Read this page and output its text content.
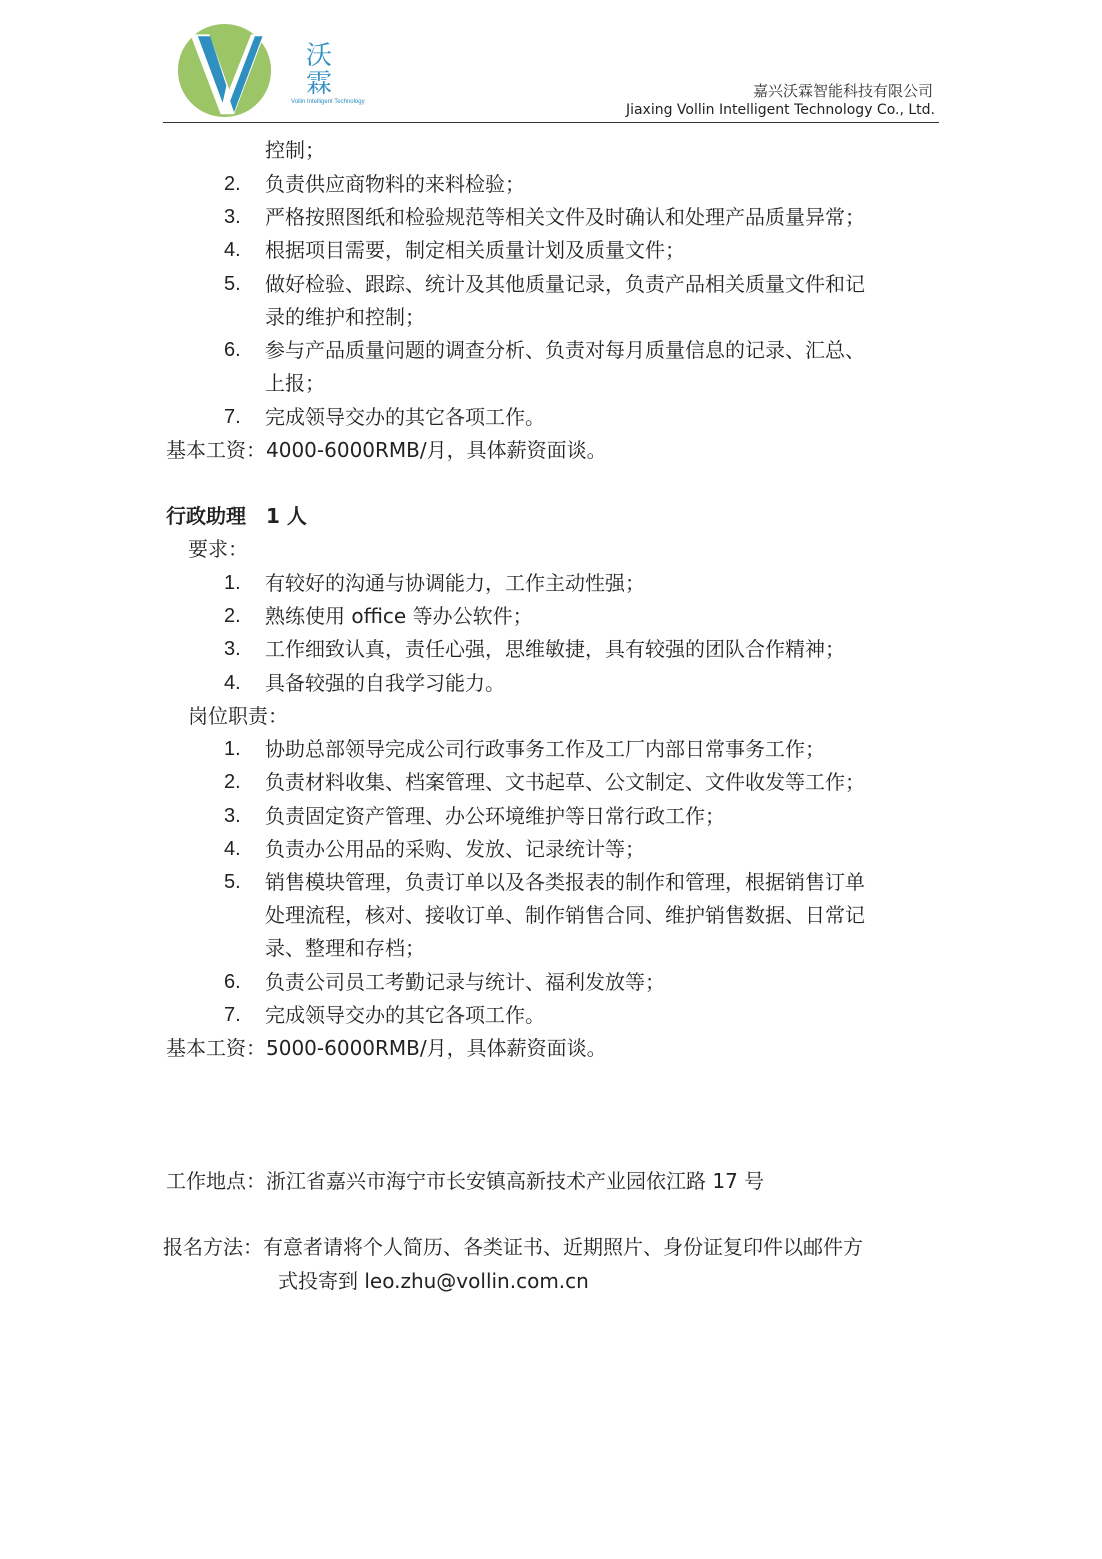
沃霖
Vollin Intelligent Technology
嘉兴沃霖智能科技有限公司
Jiaxing Vollin Intelligent Technology Co., Ltd.
控制；
2. 负责供应商物料的来料检验；
3. 严格按照图纸和检验规范等相关文件及时确认和处理产品质量异常；
4. 根据项目需要，制定相关质量计划及质量文件；
5. 做好检验、跟踪、统计及其他质量记录，负责产品相关质量文件和记
录的维护和控制；
6. 参与产品质量问题的调查分析、负责对每月质量信息的记录、汇总、
上报；
7. 完成领导交办的其它各项工作。
基本工资：4000-6000RMB/月，具体薪资面谈。
行政助理　1 人
要求：
1. 有较好的沟通与协调能力，工作主动性强；
2. 熟练使用 office 等办公软件；
3. 工作细致认真，责任心强，思维敏捷，具有较强的团队合作精神；
4. 具备较强的自我学习能力。
岗位职责：
1. 协助总部领导完成公司行政事务工作及工厂内部日常事务工作；
2. 负责材料收集、档案管理、文书起草、公文制定、文件收发等工作；
3. 负责固定资产管理、办公环境维护等日常行政工作；
4. 负责办公用品的采购、发放、记录统计等；
5. 销售模块管理，负责订单以及各类报表的制作和管理，根据销售订单
处理流程，核对、接收订单、制作销售合同、维护销售数据、日常记
录、整理和存档；
6. 负责公司员工考勤记录与统计、福利发放等；
7. 完成领导交办的其它各项工作。
基本工资：5000-6000RMB/月，具体薪资面谈。
工作地点：浙江省嘉兴市海宁市长安镇高新技术产业园依江路 17 号
报名方法：有意者请将个人简历、各类证书、近期照片、身份证复印件以邮件方
式投寄到 leo.zhu@vollin.com.cn
